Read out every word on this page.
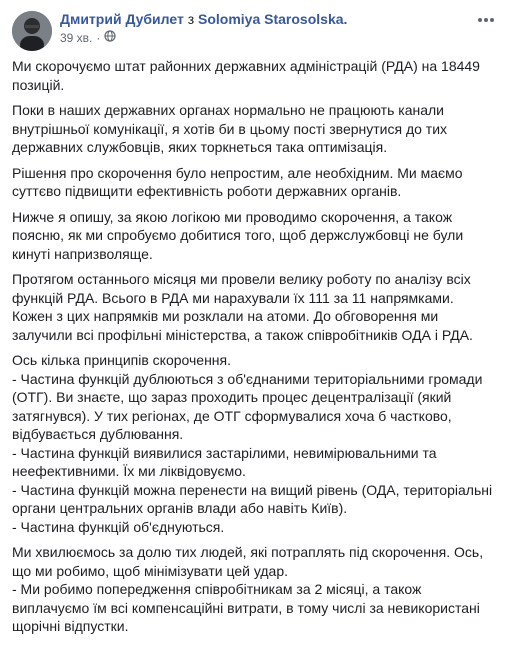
Дмитрий Дубилет з Solomiya Starosolska.
39 хв. ·

Ми скорочуємо штат районних державних адміністрацій (РДА) на 18449 позицій.

Поки в наших державних органах нормально не працюють канали внутрішньої комунікації, я хотів би в цьому пості звернутися до тих державних службовців, яких торкнеться така оптимізація.

Рішення про скорочення було непростим, але необхідним. Ми маємо суттєво підвищити ефективність роботи державних органів.

Нижче я опишу, за якою логікою ми проводимо скорочення, а також поясню, як ми спробуємо добитися того, щоб держслужбовці не були кинуті напризволяще.

Протягом останнього місяця ми провели велику роботу по аналізу всіх функцій РДА. Всього в РДА ми нарахували їх 111 за 11 напрямками. Кожен з цих напрямків ми розклали на атоми. До обговорення ми залучили всі профільні міністерства, а також співробітників ОДА і РДА.

Ось кілька принципів скорочення.
- Частина функцій дублюються з об'єднаними територіальними громади (ОТГ). Ви знаєте, що зараз проходить процес децентралізації (який затягнувся). У тих регіонах, де ОТГ сформувалися хоча б частково, відбувається дублювання.
- Частина функцій виявилися застарілими, невимірювальними та неефективними. Їх ми ліквідовуємо.
- Частина функцій можна перенести на вищий рівень (ОДА, територіальні органи центральних органів влади або навіть Київ).
- Частина функцій об'єднуються.

Ми хвилюємось за долю тих людей, які потраплять під скорочення. Ось, що ми робимо, щоб мінімізувати цей удар.
- Ми робимо попередження співробітникам за 2 місяці, а також виплачуємо їм всі компенсаційні витрати, в тому числі за невикористані щорічні відпустки.
